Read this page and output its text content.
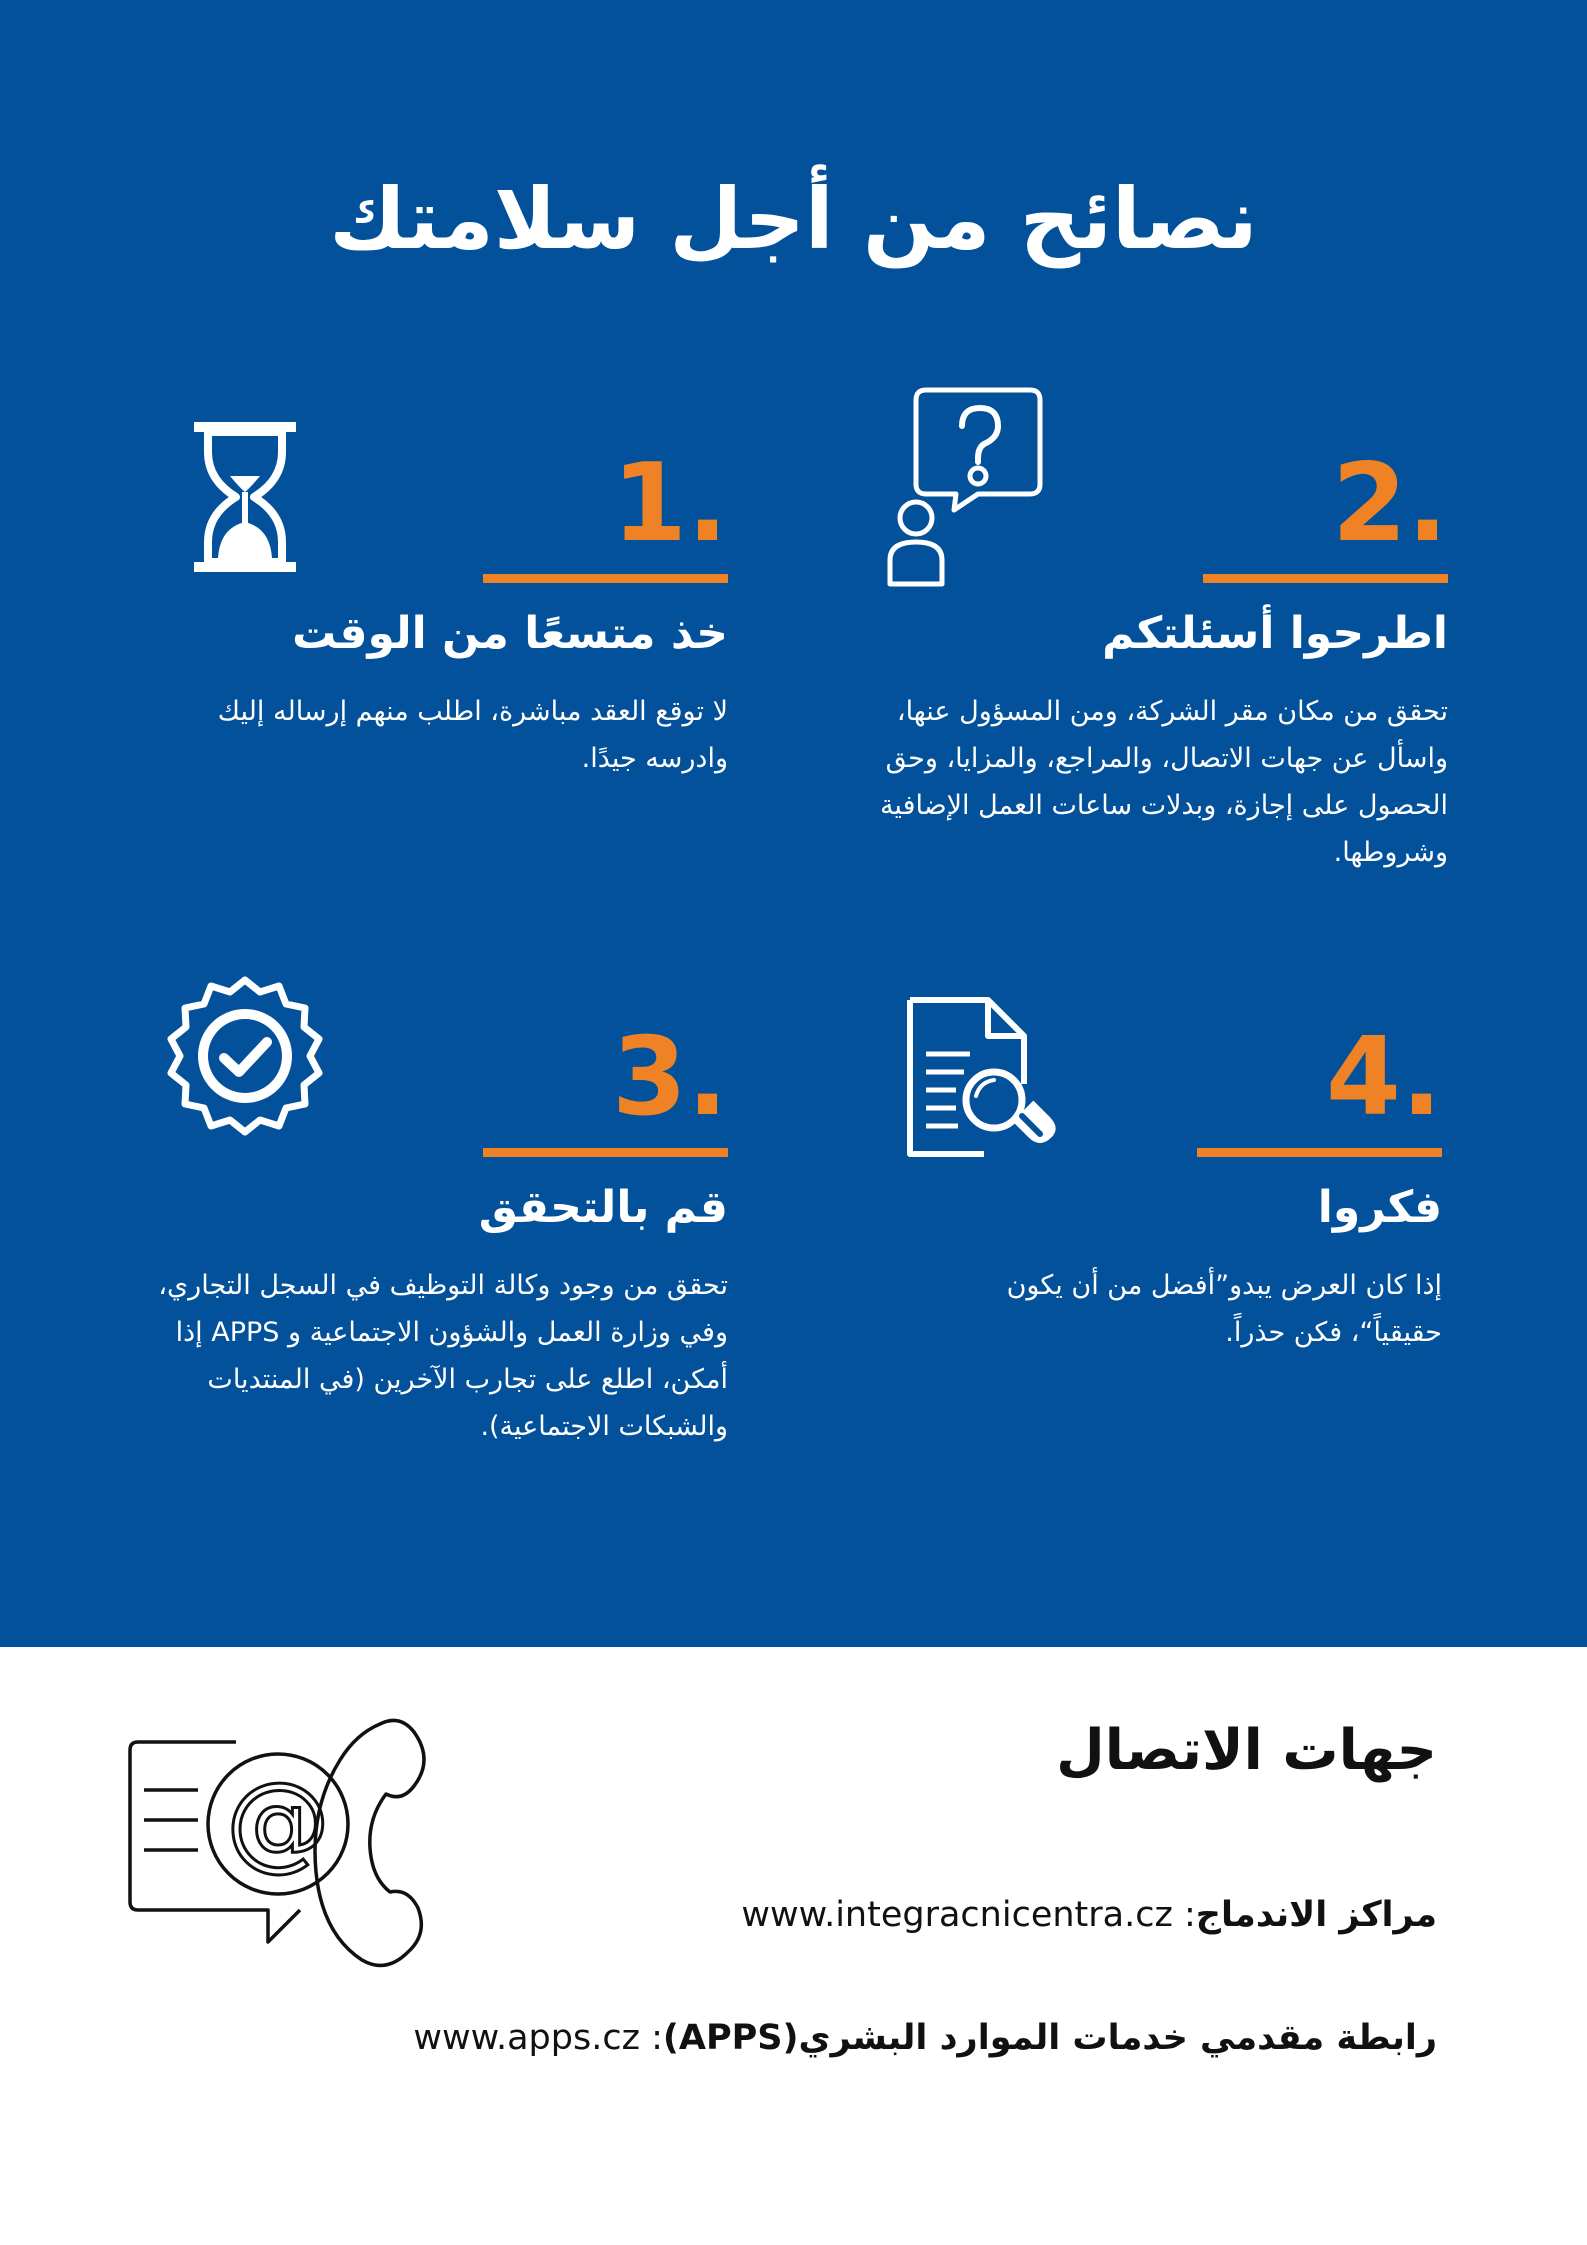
نصائح من أجل سلامتك
1.
خذ متسعًا من الوقت

لا توقع العقد مباشرة، اطلب منهم إرساله إليك وادرسه جيدًا.

2.
اطرحوا أسئلتكم

تحقق من مكان مقر الشركة، ومن المسؤول عنها، واسأل عن جهات الاتصال، والمراجع، والمزايا، وحق الحصول على إجازة، وبدلات ساعات العمل الإضافية وشروطها.

3.
قم بالتحقق

تحقق من وجود وكالة التوظيف في السجل التجاري، وفي وزارة العمل والشؤون الاجتماعية و APPS إذا أمكن، اطلع على تجارب الآخرين (في المنتديات والشبكات الاجتماعية).

4.
فكروا

إذا كان العرض يبدو”أفضل من أن يكون حقيقياً“، فكن حذراً.

@
جهات الاتصال

مراكز الاندماج: www.integracnicentra.cz

رابطة مقدمي خدمات الموارد البشري(APPS): www.apps.cz
